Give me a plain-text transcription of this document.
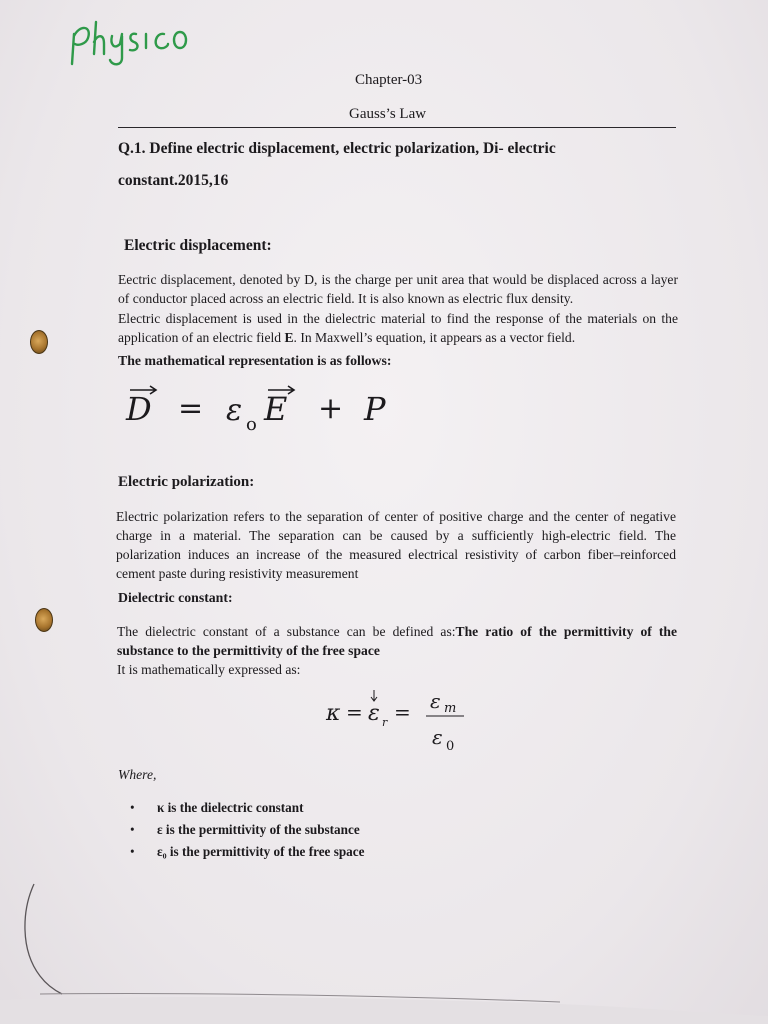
Chapter-03
Gauss’s Law
Q.1. Define electric displacement, electric polarization, Di- electric
constant.2015,16
Electric displacement:
Eectric displacement, denoted by D, is the charge per unit area that would be displaced across a layer of conductor placed across an electric field. It is also known as electric flux density.
Electric displacement is used in the dielectric material to find the response of the materials on the application of an electric field E. In Maxwell’s equation, it appears as a vector field.
The mathematical representation is as follows:
D = ε o E + P
Electric polarization:
Electric polarization refers to the separation of center of positive charge and the center of negative charge in a material. The separation can be caused by a sufficiently high-electric field. The polarization induces an increase of the measured electrical resistivity of carbon fiber–reinforced cement paste during resistivity measurement
Dielectric constant:
The dielectric constant of a substance can be defined as:The ratio of the permittivity of the substance to the permittivity of the free space
It is mathematically expressed as:
κ = ε r = ε m
ε 0
Where,
• κ is the dielectric constant
• ε is the permittivity of the substance
• ε₀ is the permittivity of the free space
